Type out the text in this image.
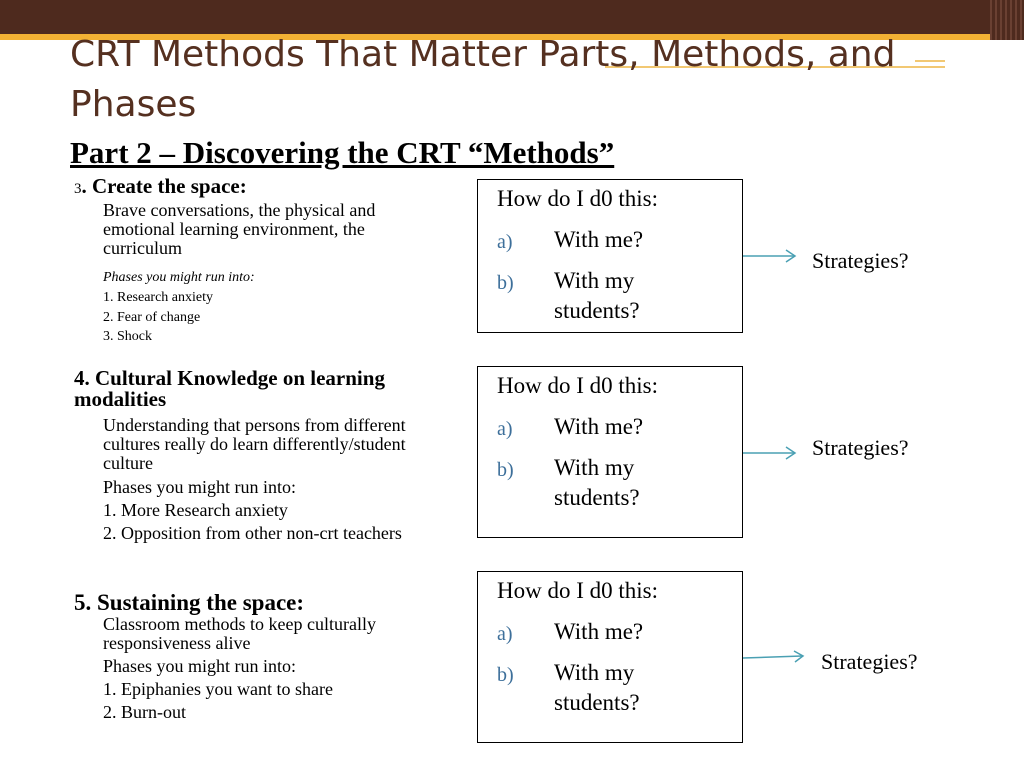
CRT Methods That Matter Parts, Methods, and Phases
Part 2 – Discovering the CRT “Methods”

3. Create the space:

Brave conversations, the physical and emotional learning environment, the curriculum

Phases you might run into:

1. Research anxiety

2. Fear of change

3. Shock

4. Cultural Knowledge on learning modalities

Understanding that persons from different cultures really do learn differently/student culture

Phases you might run into:

1. More Research anxiety

2. Opposition from other non-crt teachers

5. Sustaining the space:

Classroom methods to keep culturally responsiveness alive

Phases you might run into:

1. Epiphanies you want to share

2. Burn-out

How do I d0 this:
a) With me?
b) With my students?
How do I d0 this:
a) With me?
b) With my students?
How do I d0 this:
a) With me?
b) With my students?
Strategies?
Strategies?
Strategies?
